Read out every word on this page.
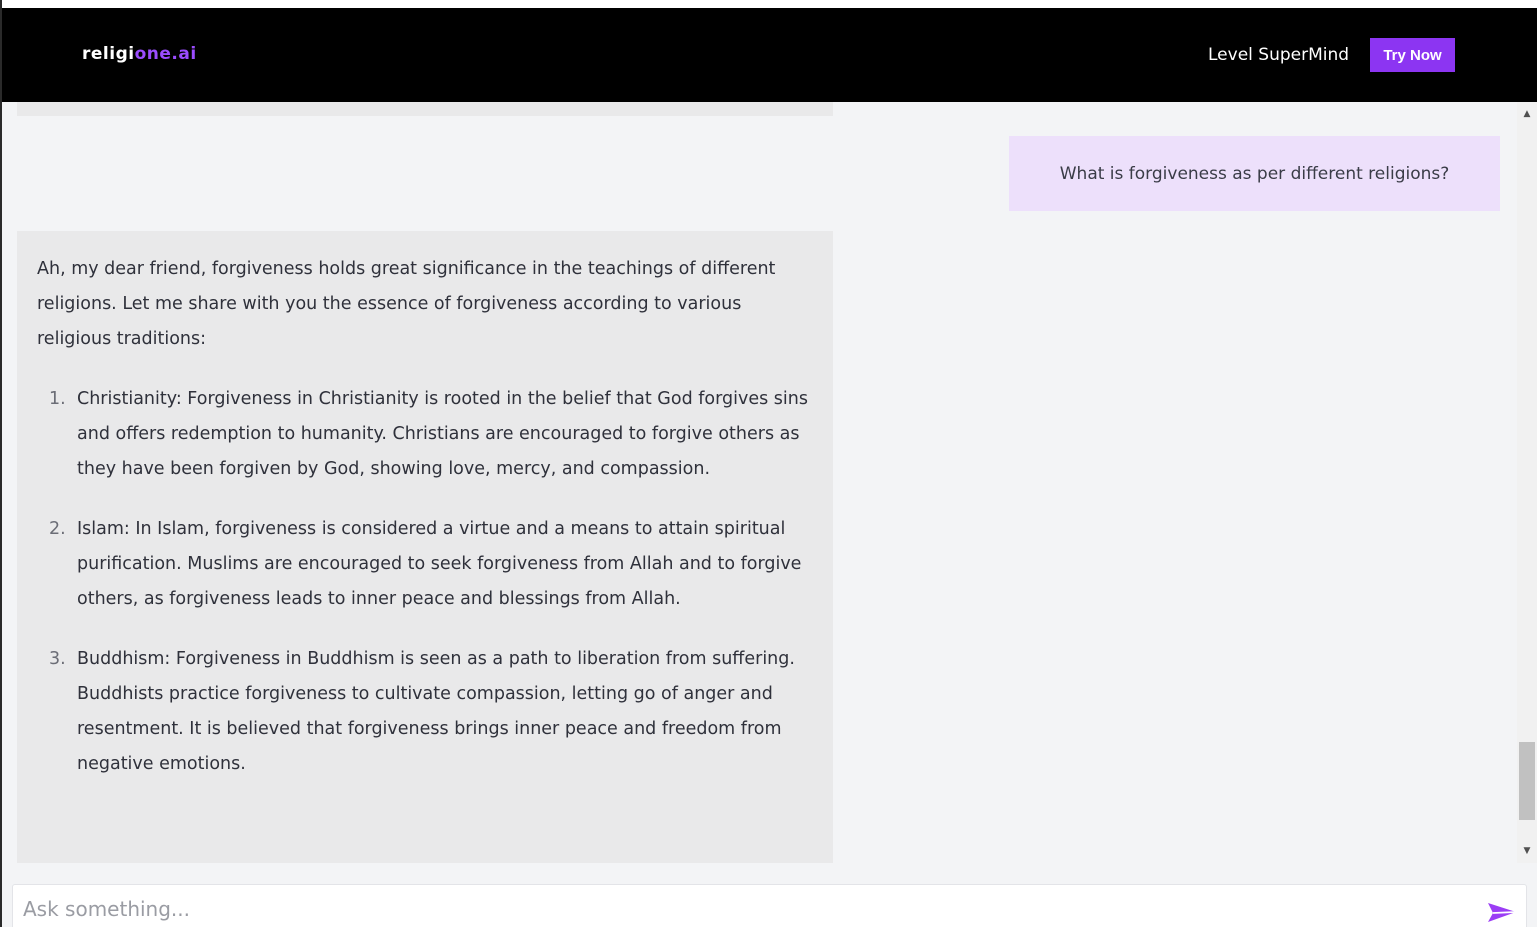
religione.ai	Level SuperMind	Try Now
What is forgiveness as per different religions?

Ah, my dear friend, forgiveness holds great significance in the teachings of different religions. Let me share with you the essence of forgiveness according to various religious traditions:

1. Christianity: Forgiveness in Christianity is rooted in the belief that God forgives sins and offers redemption to humanity. Christians are encouraged to forgive others as they have been forgiven by God, showing love, mercy, and compassion.
2. Islam: In Islam, forgiveness is considered a virtue and a means to attain spiritual purification. Muslims are encouraged to seek forgiveness from Allah and to forgive others, as forgiveness leads to inner peace and blessings from Allah.
3. Buddhism: Forgiveness in Buddhism is seen as a path to liberation from suffering. Buddhists practice forgiveness to cultivate compassion, letting go of anger and resentment. It is believed that forgiveness brings inner peace and freedom from negative emotions.
▲
▼
Ask something...
